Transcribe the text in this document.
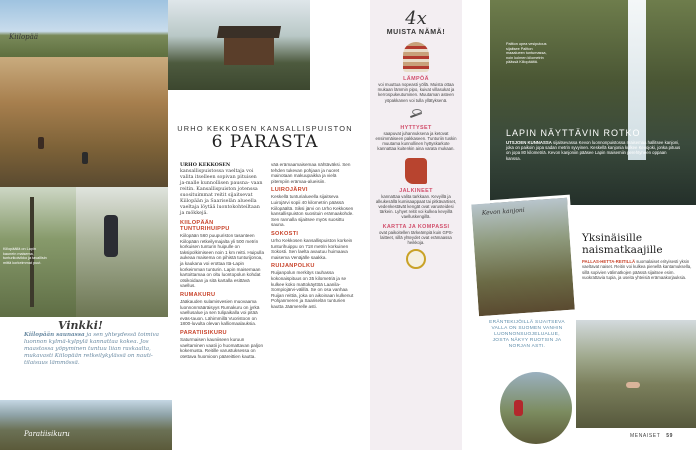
Kiilopää
Kiilopäällä on Lapin kaunein maisema, tunturikoivikko ja tavallisin mittä korkeimmat puut.
Vinkki!
Kiilopään saunassa ja sen yhteydessä toimiva luonnon kylmä-kylpylä kannattaa kokea. Jos maastossa yöpyminen tuntuu liian raskaalta, mukavasti Kiilopään retkeilykylässä on nauti-tilaisuus lämmössä.
Paratiisikuru
URHO KEKKOSEN KANSALLISPUISTON
6 PARASTA
URHO KEKKOSEN kansallispuistossa vaeltaja voi valita itselleen sopivan pituisen ja-malle kunnollisen pausna- vaan reitin. Kansallispuiston jotenssa suosituimmat reitit sijaitsevat Kiilopään ja Saariselän alueella vaeltaja löytää luontokohteiltaan ja mökkejä.
KIILOPÄÄN TUNTURIHUIPPU
Kiilopään 560 puupuriston tasanteen Kiilopään retkeilymajalta yli 500 metrin korkuisen tunturin huipulle on taksipolkimiseen noin 1 km reitti. Huipulla aukeaa maisema on pihistä tunturijonoa, ja kaukana voi erottaa Itä-Lapin korkeimman tunturin. Lapin maisemaan kartoittamaa on oltu luontopolun kohdat otsikoidaan ja sitä kartalla esittävä vaellus.
RUMAKURU
Jääkauden sulamisvesien muovaama luonnonmääräisyys Rumakuru on jyrkä vaellusalue ja sen tulipaikalla voi pitää eväs-tauon. Lähimmillä Vuoristoon on 1800-luvulta olevan kalliomaalauksia.
PARATIISIKURU
Saturmaisen kauniiseen kuruun vaeltaminen vaatii jo huomattavan paljon kokemusta. Reitille varustuksessa on otettava huomioon pääreittien kautta.
vää erämaamaisemaa nähtäväksi. Sen tehden tukevan pohjaan ja nuoret mainotaan makuupaikka ja vielä pitempiin erämaa-alueisiin.
LUIROJÄRVI
Keskellä tunturialueella sijaitseva Luirojärvi sopii 40 kilometrin päässä Kiilopäältä. Siksi järvi on Urho Kekkosen kansallispuiston suosituin erämaakohde. Sen rannalla sijaitsee myös suosittu sauna.
SOKOSTI
Urho Kekkosen kansallispuiston korkein tunturihuippu on 718 metrin korkuinen Sokosti. Sen laelta avautuu huimaava maisema Venäjälle saakka.
RUIJANPOLKU
Ruijanpolun merkitys rauhassa kokonaispituus on 35 kilometriä ja se kulkee koko mattokäyttöä Laanila-Sompiojärvi-välillä. Se on osa vanhaa Ruijan reittiä, joka on aikoinaan kulkenut Pohjanmeren ja Saariselän tunturien kautta Jäämerelle asti.
4x
MUISTA NÄMÄ!
LÄMPÖÄ
voi muuttua nopeasti yöllä. Muista ottaa mukaan lämmin pipo, kuivat villasukat ja kerrospukeutuminen. Muutaman asteen yöpakkanen voi tulla yllätyksenä.
HYTTYSET
saapuvat juhannuksena ja ketovat ensimmäiseen pakkaseen. Tunturiin tuskin muutama kunnollinen hyttyskarkote kannattaa kuitenkin aina varata mukaan.
JALKINEET
kannattaa valita tarkkaan. Kevyillä ja alkukesällä kumisaappaat tai pitkävartiset, vedenkestävät kengät ovat varusteidesi tärkein. Lyhyet reitit voi kulkea kevyillä vaelluskengillä.
KARTTA JA KOMPASSI
ovat paikoitellen tärkeämpiä kuin GPS-laitteet, sillä yhteydet ovat erämaassa heikkoja.
Paltton upea vesiputous sijaitsee Paltton maaalueen tuntumassa, noin kolmen kilometrin päässä Kiilopäältä.
LAPIN NÄYTTÄVIN ROTKO
UTSJOEN KUNNASSA sijaitsevassa Kevon luonnonpuistossa maisemaa hallitsee kanjoni, joka on paikoin jopa sadan metrin syvyinen. Keskellä kanjonia kulkee Kevojoki, jonka pituus on jopa 80 kilometriä. Kevon kanjoniin pääsee Lapin maisemiin perehtyneen oppaan kanssa.
Kevon kanjoni
ERÄNTEKIJÖILLÄ SIJAITSEVA VALLA ON SUOMEN VANHIN LUONNONSUOJELUALUE, JOSTA NÄKYY RUOTSIN JA NORJAN ASTI.
Yksinäisille naismatkaajille
PALLAS-HETTA-REITILLÄ suomalaiset erityisesti yksin vaeltavat naiset. Reitin voi kulkea pienellä kantamuksella, sillä sopivien välimatkojen päässä sijaitsee esim. vuokrattavia tupia, ja useita yhteisiä erämaakorjauksia.
MENAISET 59
